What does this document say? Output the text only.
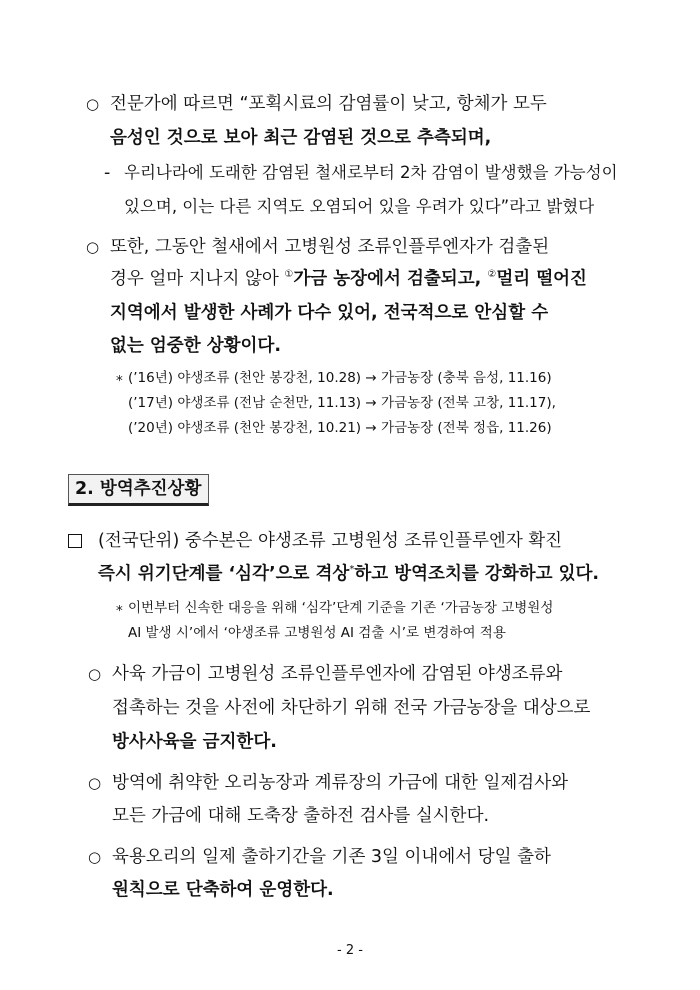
○ 전문가에 따르면 “포획시료의 감염률이 낮고, 항체가 모두
음성인 것으로 보아 최근 감염된 것으로 추측되며,
- 우리나라에 도래한 감염된 철새로부터 2차 감염이 발생했을 가능성이
있으며, 이는 다른 지역도 오염되어 있을 우려가 있다”라고 밝혔다
○ 또한, 그동안 철새에서 고병원성 조류인플루엔자가 검출된
경우 얼마 지나지 않아 ①가금 농장에서 검출되고, ②멀리 떨어진
지역에서 발생한 사례가 다수 있어, 전국적으로 안심할 수
없는 엄중한 상황이다.
* (’16년) 야생조류 (천안 봉강천, 10.28) → 가금농장 (충북 음성, 11.16)
(’17년) 야생조류 (전남 순천만, 11.13) → 가금농장 (전북 고창, 11.17),
(’20년) 야생조류 (천안 봉강천, 10.21) → 가금농장 (전북 정읍, 11.26)
2. 방역추진상황
(전국단위) 중수본은 야생조류 고병원성 조류인플루엔자 확진
즉시 위기단계를 ‘심각’으로 격상*하고 방역조치를 강화하고 있다.
* 이번부터 신속한 대응을 위해 ‘심각’단계 기준을 기존 ‘가금농장 고병원성
AI 발생 시’에서 ‘야생조류 고병원성 AI 검출 시’로 변경하여 적용
○ 사육 가금이 고병원성 조류인플루엔자에 감염된 야생조류와
접촉하는 것을 사전에 차단하기 위해 전국 가금농장을 대상으로
방사사육을 금지한다.
○ 방역에 취약한 오리농장과 계류장의 가금에 대한 일제검사와
모든 가금에 대해 도축장 출하전 검사를 실시한다.
○ 육용오리의 일제 출하기간을 기존 3일 이내에서 당일 출하
원칙으로 단축하여 운영한다.
- 2 -
